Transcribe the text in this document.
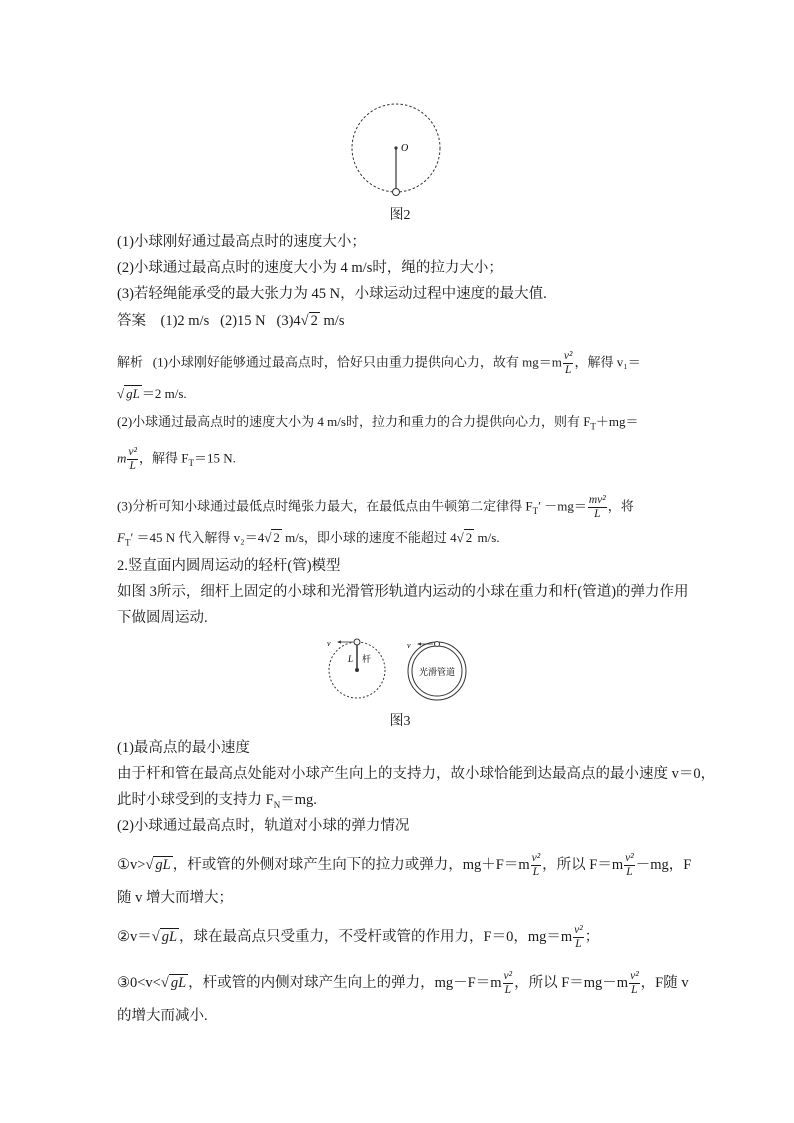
O
图2
(1)小球刚好通过最高点时的速度大小；
(2)小球通过最高点时的速度大小为 4 m/s时，绳的拉力大小；
(3)若轻绳能承受的最大张力为 45 N，小球运动过程中速度的最大值.
答案 (1)2 m/s (2)15 N (3)4√ 2 m/s
解析 (1)小球刚好能够通过最高点时，恰好只由重力提供向心力，故有 $mg=m \frac{\text{v²}}{L}$ ，解得 v₁＝
√ gL ＝2 m/s.
(2)小球通过最高点时的速度大小为 4 m/s时，拉力和重力的合力提供向心力，则有 $F_T+mg=$
m $\frac{\text{v²}}{L}$ ，解得 $F_T=15$ N.
(3)分析可知小球通过最低点时绳张力最大，在最低点由牛顿第二定律得 $F_T' -mg= \frac{\text{mv²}}{L}$ ，将
$F_T' =45$ N 代入解得 v₂＝4√ 2 m/s，即小球的速度不能超过 4√ 2 m/s.
2.竖直面内圆周运动的轻杆(管)模型
如图 3所示，细杆上固定的小球和光滑管形轨道内运动的小球在重力和杆(管道)的弹力作用
下做圆周运动.
v
L 杆
v
光滑管道
图3
(1)最高点的最小速度
由于杆和管在最高点处能对小球产生向上的支持力，故小球恰能到达最高点的最小速度 v＝0，
此时小球受到的支持力 $F_N=mg$.
(2)小球通过最高点时，轨道对小球的弹力情况
①v>√ gL ，杆或管的外侧对球产生向下的拉力或弹力，$mg+F=m \frac{\text{v²}}{L}$ ，所以 $F=m \frac{\text{v²}}{L} -mg$，F
随 v 增大而增大；
②v＝√ gL ，球在最高点只受重力，不受杆或管的作用力，F＝0，$mg=m \frac{\text{v²}}{L}$ ；
③0<v<√ gL ，杆或管的内侧对球产生向上的弹力，$mg-F=m \frac{\text{v²}}{L}$ ，所以 $F=mg-m \frac{\text{v²}}{L}$ ，F随 v
的增大而减小.
